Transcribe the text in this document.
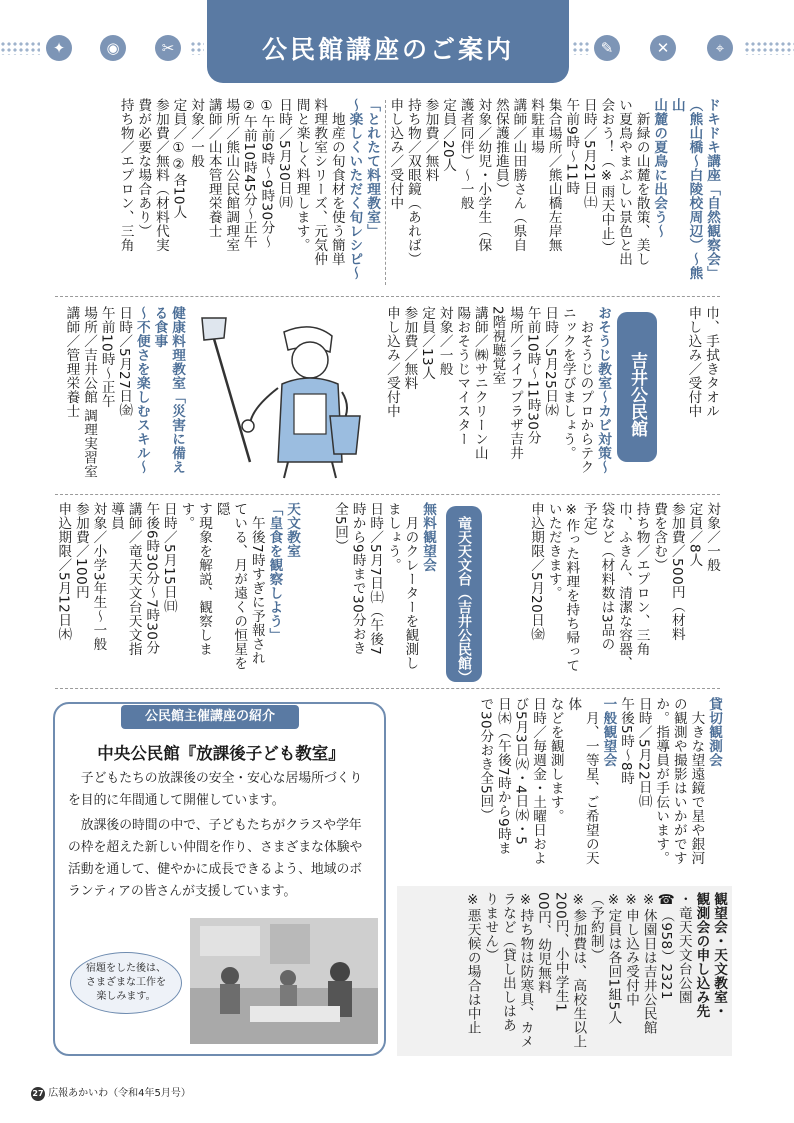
✦	◉	✂	✎	✕	⌖
公民館講座のご案内
ドキドキ講座「自然観察会」
（熊山橋～白陵校周辺）～熊山
山麓の夏鳥に出会う～
　新緑の山麓を散策、美し
い夏鳥やまぶしい景色と出
会おう！（※雨天中止）
日時／5月21日㈯
午前9時～11時
集合場所／熊山橋左岸無
料駐車場
講師／山田勝さん（県自
然保護推進員）
対象／幼児・小学生（保
護者同伴）～一般
定員／20人
参加費／無料
持ち物／双眼鏡（あれば）
申し込み／受付中
「とれたて料理教室」
～楽しくいただく旬レシピ～
　地産の旬食材を使う簡単
料理教室シリーズ、元気仲
間と楽しく料理します。
日時／5月30日㈪
①午前9時～9時30分～
②午前10時45分～正午
場所／熊山公民館調理室
講師／山本管理栄養士
対象／一般
定員／①②各10人
参加費／無料（材料代実
費が必要な場合あり）
持ち物／エプロン、三角
吉井公民館	巾、手拭きタオル
申し込み／受付中
おそうじ教室～カビ対策～
　おそうじのプロからテク
ニックを学びましょう。
日時／5月25日㈬
午前10時～11時30分
場所／ライフプラザ吉井
2階視聴覚室
講師／㈱サニクリーン山
陽おそうじマイスター
対象／一般
定員／13人
参加費／無料
申し込み／受付中
健康料理教室「災害に備える食事
～不便さを楽しむスキル～
日時／5月27日㈮
午前10時～正午
場所／吉井公館 調理実習室
講師／管理栄養士
対象／一般
定員／8人
参加費／500円（材料
費を含む）
持ち物／エプロン、三角
巾、ふきん、清潔な容器、
袋など（材料数は3品の
予定）
※作った料理を持ち帰って
いただきます。
申込期限／5月20日㈮
竜天天文台（吉井公民館）
無料観望会
　月のクレーターを観測し
ましょう。
日時／5月7日㈯（午後7
時から9時まで30分おき
全5回）
天文教室
「皇食を観察しよう」
　午後7時すぎに予報され
ている、月が遠くの恒星を隠
す現象を解説、観察します。
日時／5月15日㈰
午後6時30分～7時30分
講師／竜天天文台天文指
導員
対象／小学3年生～一般
参加費／100円
申込期限／5月12日㈭
貸切観測会
　大きな望遠鏡で星や銀河
の観測や撮影はいかがです
か。指導員が手伝います。
日時／5月22日㈰
午後5時～8時
一般観望会
　月、一等星、ご希望の天体
などを観測します。
日時／毎週金・土曜日およ
び5月3日㈫・4日㈬・5
日㈭（午後7時から9時ま
で30分おき全5回）
観望会・天文教室・
観測会の申し込み先
・竜天天文台公園
☎（958）2321
※休園日は吉井公民館
※申し込み受付中
※定員は各回1組5人
（予約制）
※参加費は、高校生以上
200円、小中学生1
00円、幼児無料
※持ち物は防寒具、カメ
ラなど（貸し出しはあ
りません）
※悪天候の場合は中止
公民館主催講座の紹介
中央公民館『放課後子ども教室』
子どもたちの放課後の安全・安心な居場所づくりを目的に年間通して開催しています。
放課後の時間の中で、子どもたちがクラスや学年の枠を超えた新しい仲間を作り、さまざまな体験や活動を通して、健やかに成長できるよう、地域のボランティアの皆さんが支援しています。
宿題をした後は、さまざまな工作を楽しみます。
27 広報あかいわ（令和4年5月号）
